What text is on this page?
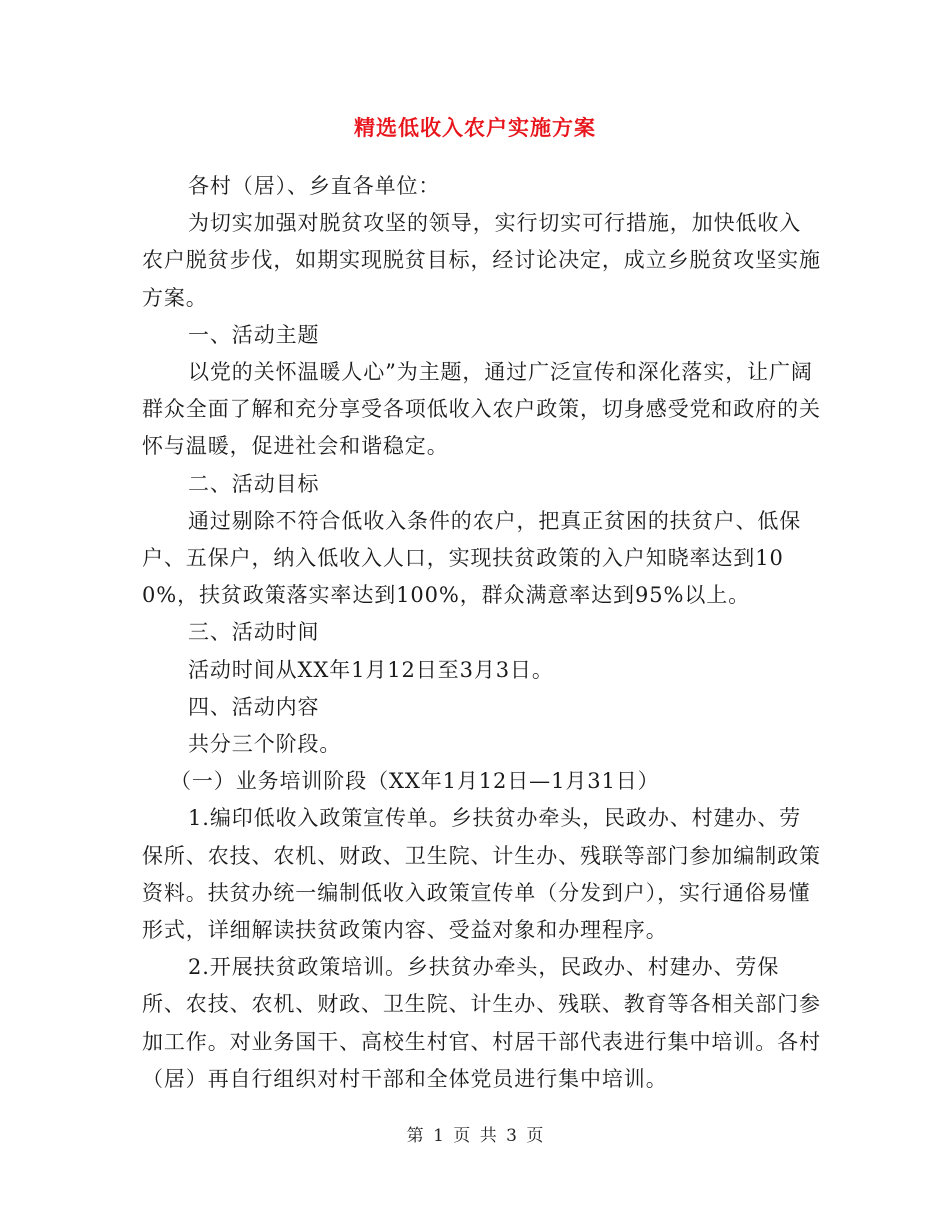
精选低收入农户实施方案

各村（居）、乡直各单位：

为切实加强对脱贫攻坚的领导，实行切实可行措施，加快低收入农户脱贫步伐，如期实现脱贫目标，经讨论决定，成立乡脱贫攻坚实施方案。

一、活动主题

以党的关怀温暖人心”为主题，通过广泛宣传和深化落实，让广阔群众全面了解和充分享受各项低收入农户政策，切身感受党和政府的关怀与温暖，促进社会和谐稳定。

二、活动目标

通过剔除不符合低收入条件的农户，把真正贫困的扶贫户、低保户、五保户，纳入低收入人口，实现扶贫政策的入户知晓率达到100%，扶贫政策落实率达到100%，群众满意率达到95%以上。

三、活动时间

活动时间从XX年1月12日至3月3日。

四、活动内容

共分三个阶段。

（一）业务培训阶段（XX年1月12日—1月31日）

1.编印低收入政策宣传单。乡扶贫办牵头，民政办、村建办、劳保所、农技、农机、财政、卫生院、计生办、残联等部门参加编制政策资料。扶贫办统一编制低收入政策宣传单（分发到户），实行通俗易懂形式，详细解读扶贫政策内容、受益对象和办理程序。

2.开展扶贫政策培训。乡扶贫办牵头，民政办、村建办、劳保所、农技、农机、财政、卫生院、计生办、残联、教育等各相关部门参加工作。对业务国干、高校生村官、村居干部代表进行集中培训。各村（居）再自行组织对村干部和全体党员进行集中培训。

第 1 页 共 3 页
